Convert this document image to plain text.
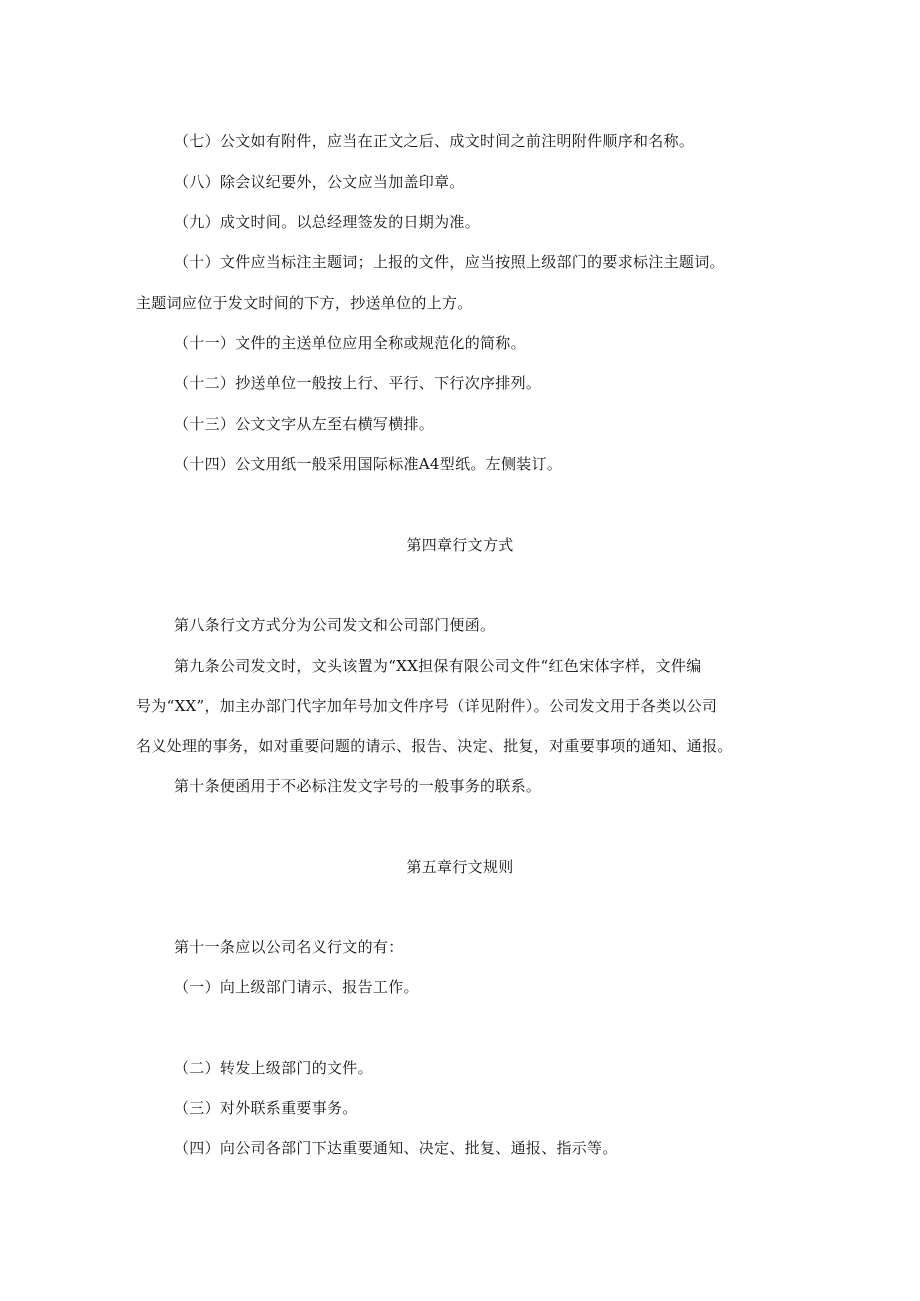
（七）公文如有附件，应当在正文之后、成文时间之前注明附件顺序和名称。
（八）除会议纪要外，公文应当加盖印章。
（九）成文时间。以总经理签发的日期为准。
（十）文件应当标注主题词；上报的文件，应当按照上级部门的要求标注主题词。
主题词应位于发文时间的下方，抄送单位的上方。
（十一）文件的主送单位应用全称或规范化的简称。
（十二）抄送单位一般按上行、平行、下行次序排列。
（十三）公文文字从左至右横写横排。
（十四）公文用纸一般采用国际标准A4型纸。左侧装订。
第四章行文方式
第八条行文方式分为公司发文和公司部门便函。
第九条公司发文时，文头该置为“XX担保有限公司文件“红色宋体字样，文件编
号为“XX”，加主办部门代字加年号加文件序号（详见附件）。公司发文用于各类以公司
名义处理的事务，如对重要问题的请示、报告、决定、批复，对重要事项的通知、通报。
第十条便函用于不必标注发文字号的一般事务的联系。
第五章行文规则
第十一条应以公司名义行文的有：
（一）向上级部门请示、报告工作。
（二）转发上级部门的文件。
（三）对外联系重要事务。
（四）向公司各部门下达重要通知、决定、批复、通报、指示等。
